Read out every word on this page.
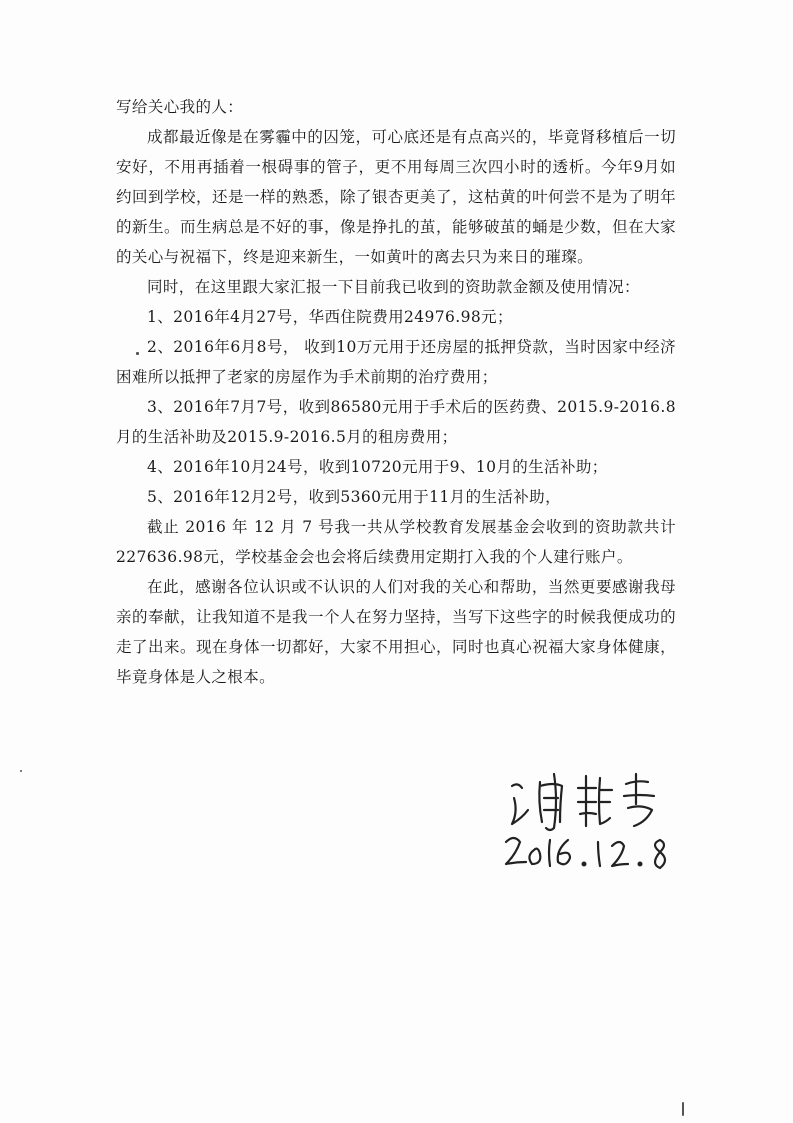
写给关心我的人：

成都最近像是在雾霾中的囚笼，可心底还是有点高兴的，毕竟肾移植后一切安好，不用再插着一根碍事的管子，更不用每周三次四小时的透析。今年9月如约回到学校，还是一样的熟悉，除了银杏更美了，这枯黄的叶何尝不是为了明年的新生。而生病总是不好的事，像是挣扎的茧，能够破茧的蛹是少数，但在大家的关心与祝福下，终是迎来新生，一如黄叶的离去只为来日的璀璨。

同时，在这里跟大家汇报一下目前我已收到的资助款金额及使用情况：

1、2016年4月27号，华西住院费用24976.98元；

2、2016年6月8号， 收到10万元用于还房屋的抵押贷款，当时因家中经济困难所以抵押了老家的房屋作为手术前期的治疗费用；

3、2016年7月7号，收到86580元用于手术后的医药费、2015.9-2016.8月的生活补助及2015.9-2016.5月的租房费用；

4、2016年10月24号，收到10720元用于9、10月的生活补助；

5、2016年12月2号，收到5360元用于11月的生活补助，

截止 2016 年 12 月 7 号我一共从学校教育发展基金会收到的资助款共计227636.98元，学校基金会也会将后续费用定期打入我的个人建行账户。

在此，感谢各位认识或不认识的人们对我的关心和帮助，当然更要感谢我母亲的奉献，让我知道不是我一个人在努力坚持，当写下这些字的时候我便成功的走了出来。现在身体一切都好，大家不用担心，同时也真心祝福大家身体健康，毕竟身体是人之根本。
